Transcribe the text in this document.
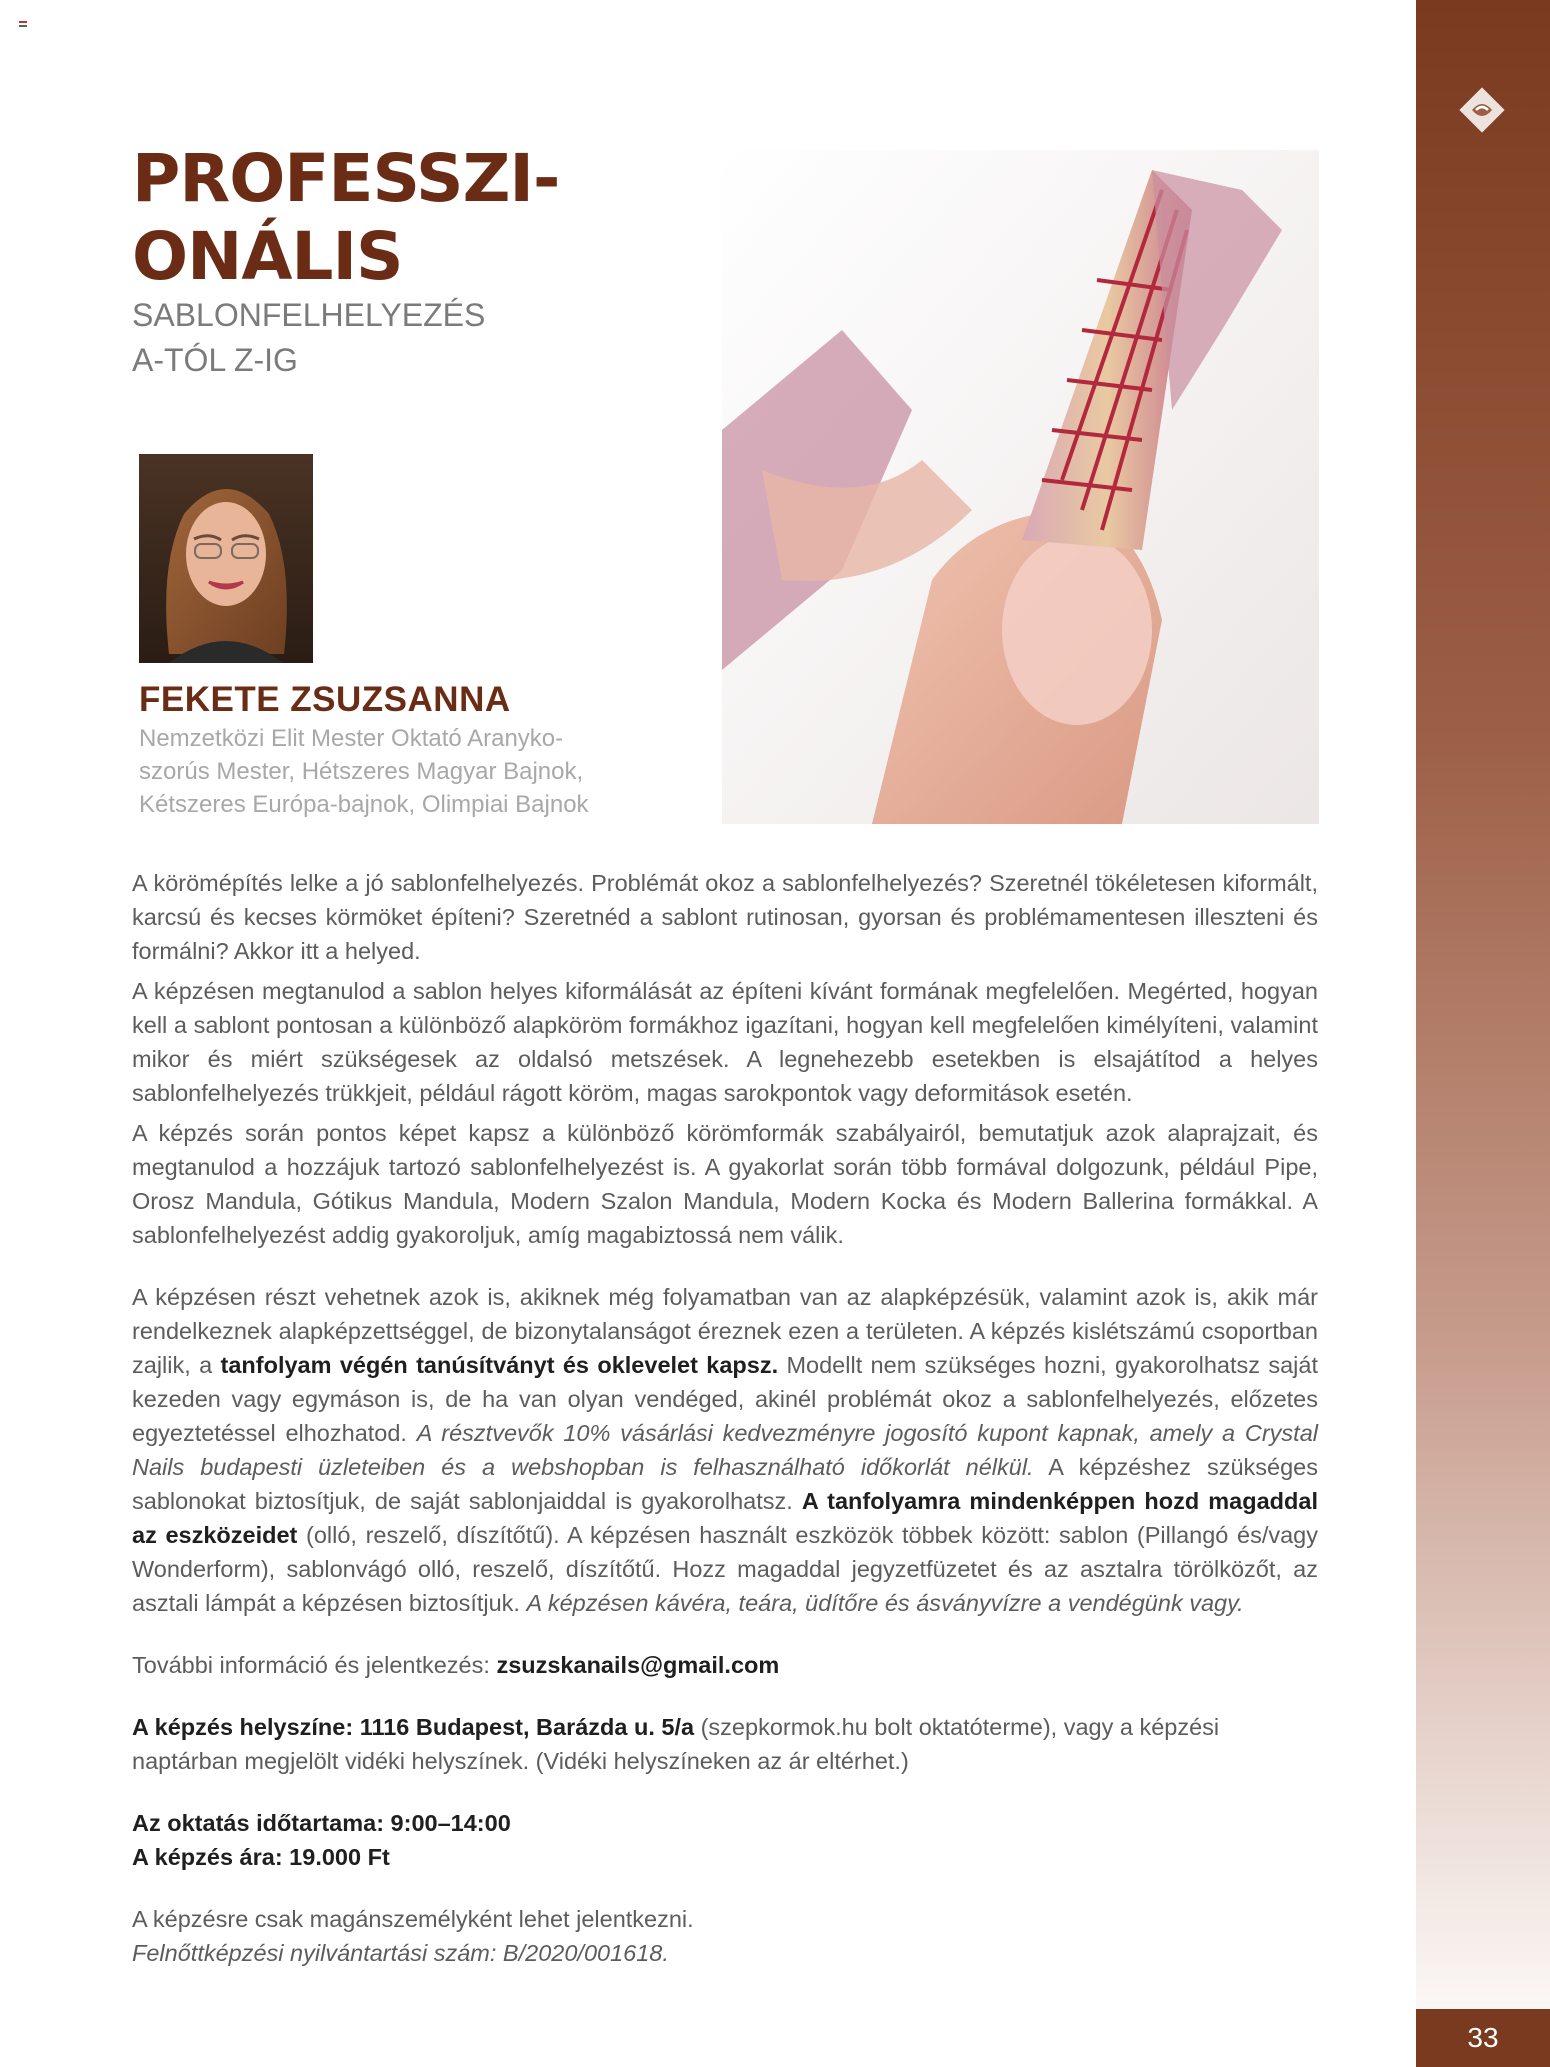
33
PROFESSZI-
ONÁLIS
SABLONFELHELYEZÉS
A-TÓL Z-IG
FEKETE ZSUZSANNA
Nemzetközi Elit Mester Oktató Aranyko-
szorús Mester, Hétszeres Magyar Bajnok,
Kétszeres Európa-bajnok, Olimpiai Bajnok

A körömépítés lelke a jó sablonfelhelyezés. Problémát okoz a sablonfelhelyezés? Szeretnél tökéletesen kiformált, karcsú és kecses körmöket építeni? Szeretnéd a sablont rutinosan, gyorsan és problémamentesen illeszteni és formálni? Akkor itt a helyed.

A képzésen megtanulod a sablon helyes kiformálását az építeni kívánt formának megfelelően. Megérted, hogyan kell a sablont pontosan a különböző alapköröm formákhoz igazítani, hogyan kell megfelelően kimélyíteni, valamint mikor és miért szükségesek az oldalsó metszések. A legnehezebb esetekben is elsajátítod a helyes sablonfelhelyezés trükkjeit, például rágott köröm, magas sarokpontok vagy deformitások esetén.

A képzés során pontos képet kapsz a különböző körömformák szabályairól, bemutatjuk azok alaprajzait, és megtanulod a hozzájuk tartozó sablonfelhelyezést is. A gyakorlat során több formával dolgozunk, például Pipe, Orosz Mandula, Gótikus Mandula, Modern Szalon Mandula, Modern Kocka és Modern Ballerina formákkal. A sablonfelhelyezést addig gyakoroljuk, amíg magabiztossá nem válik.

A képzésen részt vehetnek azok is, akiknek még folyamatban van az alapképzésük, valamint azok is, akik már rendelkeznek alapképzettséggel, de bizonytalanságot éreznek ezen a területen. A képzés kislétszámú csoportban zajlik, a tanfolyam végén tanúsítványt és oklevelet kapsz. Modellt nem szükséges hozni, gyakorolhatsz saját kezeden vagy egymáson is, de ha van olyan vendéged, akinél problémát okoz a sablonfelhelyezés, előzetes egyeztetéssel elhozhatod. A résztvevők 10% vásárlási kedvezményre jogosító kupont kapnak, amely a Crystal Nails budapesti üzleteiben és a webshopban is felhasználható időkorlát nélkül. A képzéshez szükséges sablonokat biztosítjuk, de saját sablonjaiddal is gyakorolhatsz. A tanfolyamra mindenképpen hozd magaddal az eszközeidet (olló, reszelő, díszítőtű). A képzésen használt eszközök többek között: sablon (Pillangó és/vagy Wonderform), sablonvágó olló, reszelő, díszítőtű. Hozz magaddal jegyzetfüzetet és az asztalra törölközőt, az asztali lámpát a képzésen biztosítjuk. A képzésen kávéra, teára, üdítőre és ásványvízre a vendégünk vagy.

További információ és jelentkezés: zsuzskanails@gmail.com

A képzés helyszíne: 1116 Budapest, Barázda u. 5/a (szepkormok.hu bolt oktatóterme), vagy a képzési naptárban megjelölt vidéki helyszínek. (Vidéki helyszíneken az ár eltérhet.)

Az oktatás időtartama: 9:00–14:00

A képzés ára: 19.000 Ft

A képzésre csak magánszemélyként lehet jelentkezni.

Felnőttképzési nyilvántartási szám: B/2020/001618.
